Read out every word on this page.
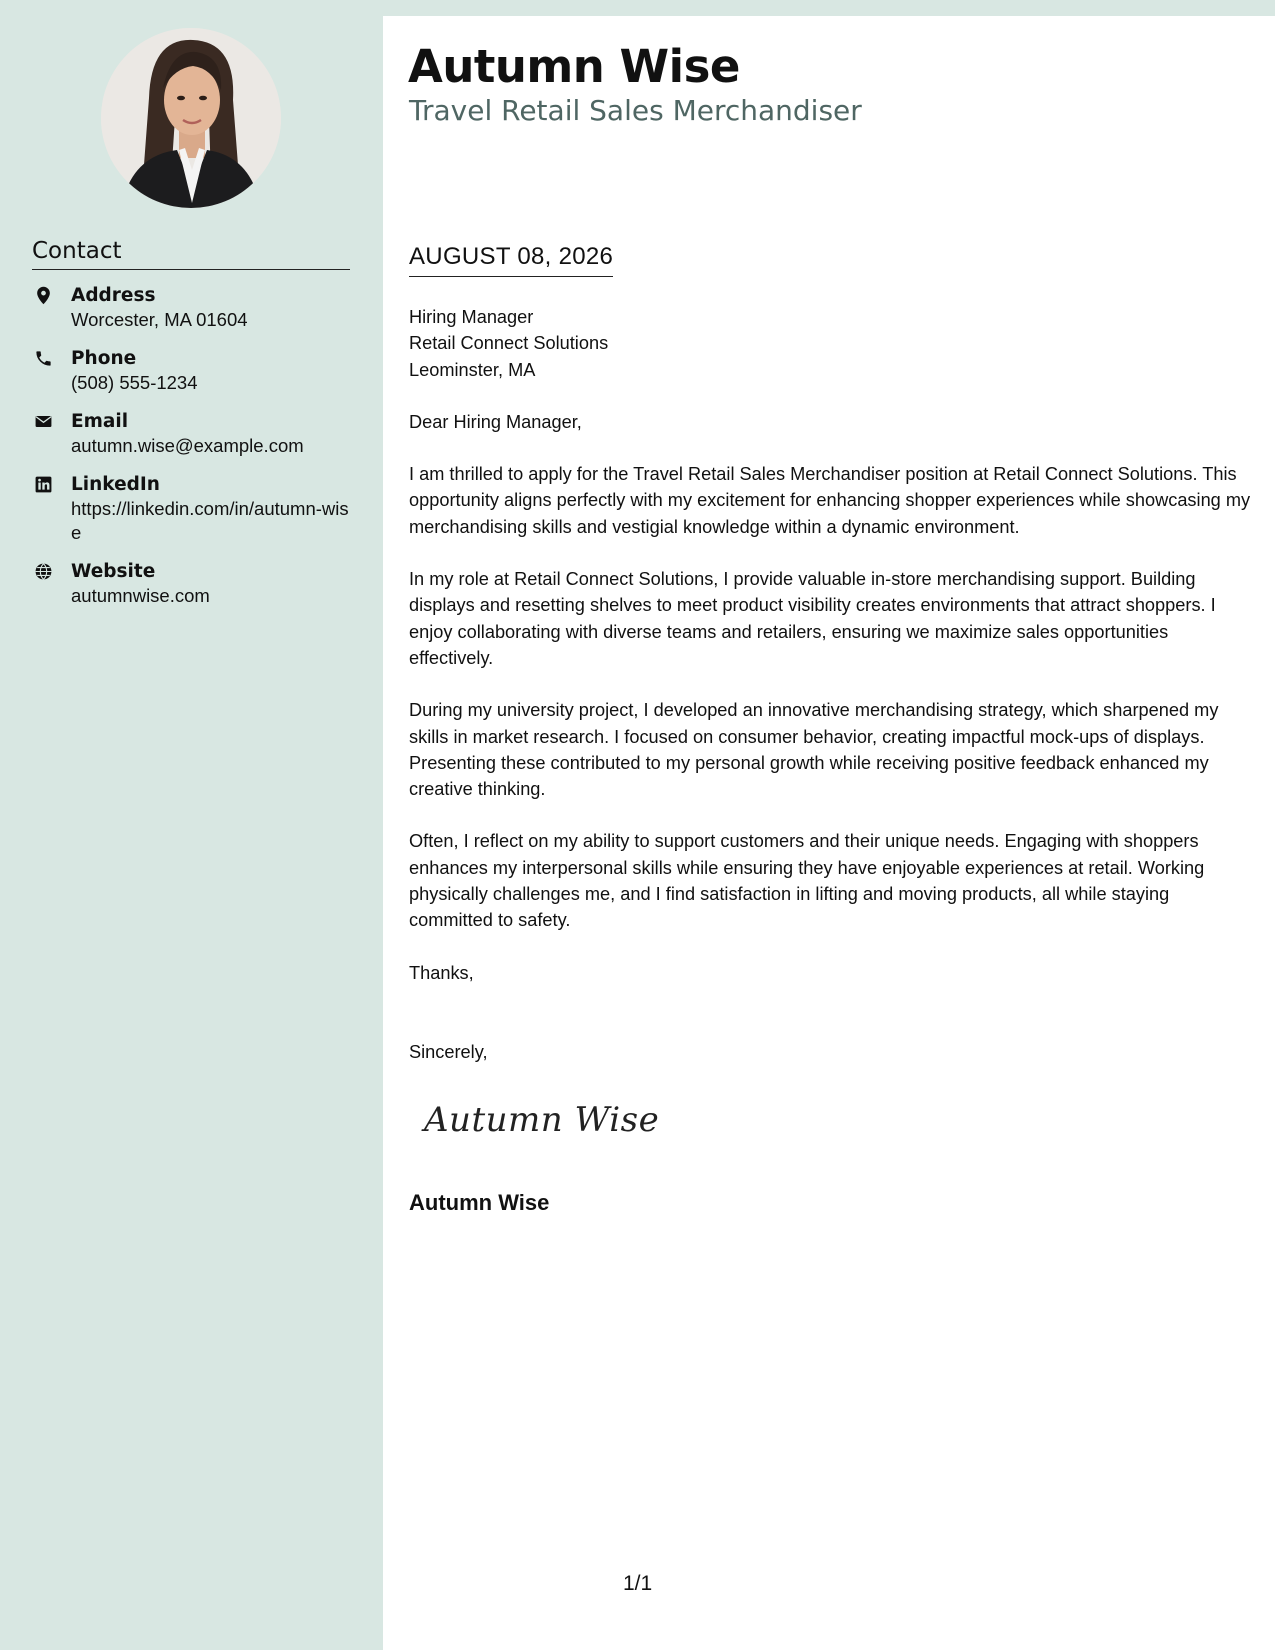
Contact
Address
Worcester, MA 01604
Phone
(508) 555-1234
Email
autumn.wise@example.com
LinkedIn
https://linkedin.com/in/autumn-wise
Website
autumnwise.com
Autumn Wise
Travel Retail Sales Merchandiser
AUGUST 08, 2026

Hiring Manager
Retail Connect Solutions
Leominster, MA

Dear Hiring Manager,

I am thrilled to apply for the Travel Retail Sales Merchandiser position at Retail Connect Solutions. This opportunity aligns perfectly with my excitement for enhancing shopper experiences while showcasing my merchandising skills and vestigial knowledge within a dynamic environment.

In my role at Retail Connect Solutions, I provide valuable in-store merchandising support. Building displays and resetting shelves to meet product visibility creates environments that attract shoppers. I enjoy collaborating with diverse teams and retailers, ensuring we maximize sales opportunities effectively.

During my university project, I developed an innovative merchandising strategy, which sharpened my skills in market research. I focused on consumer behavior, creating impactful mock-ups of displays. Presenting these contributed to my personal growth while receiving positive feedback enhanced my creative thinking.

Often, I reflect on my ability to support customers and their unique needs. Engaging with shoppers enhances my interpersonal skills while ensuring they have enjoyable experiences at retail. Working physically challenges me, and I find satisfaction in lifting and moving products, all while staying committed to safety.

Thanks,

Sincerely,

Autumn Wise
Autumn Wise
1/1
